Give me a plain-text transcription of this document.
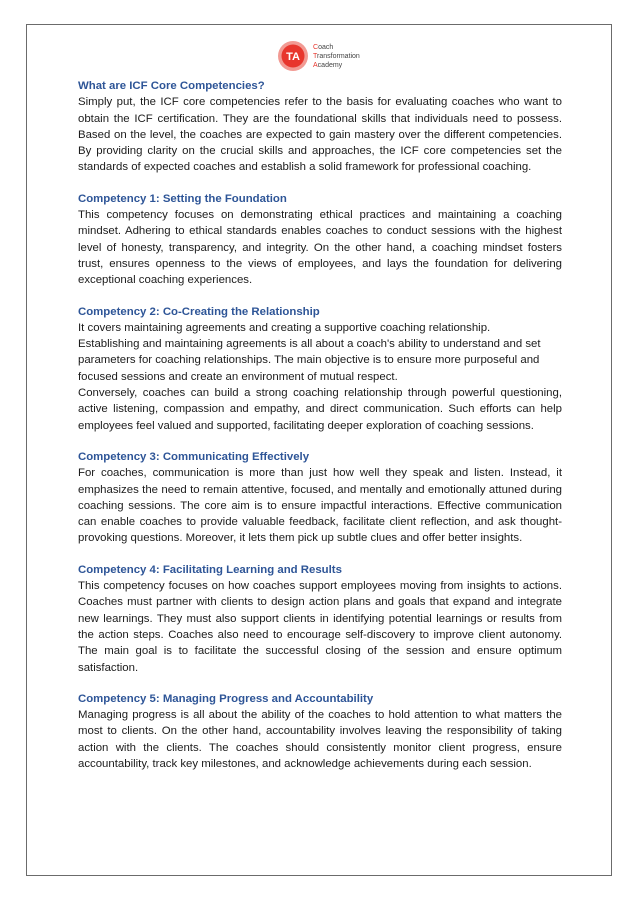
TA
Coach
Transformation
Academy

What are ICF Core Competencies?

Simply put, the ICF core competencies refer to the basis for evaluating coaches who want to obtain the ICF certification. They are the foundational skills that individuals need to possess. Based on the level, the coaches are expected to gain mastery over the different competencies. By providing clarity on the crucial skills and approaches, the ICF core competencies set the standards of expected coaches and establish a solid framework for professional coaching.

Competency 1: Setting the Foundation

This competency focuses on demonstrating ethical practices and maintaining a coaching mindset. Adhering to ethical standards enables coaches to conduct sessions with the highest level of honesty, transparency, and integrity. On the other hand, a coaching mindset fosters trust, ensures openness to the views of employees, and lays the foundation for delivering exceptional coaching experiences.

Competency 2: Co-Creating the Relationship

It covers maintaining agreements and creating a supportive coaching relationship.

Establishing and maintaining agreements is all about a coach's ability to understand and set parameters for coaching relationships. The main objective is to ensure more purposeful and focused sessions and create an environment of mutual respect.

Conversely, coaches can build a strong coaching relationship through powerful questioning, active listening, compassion and empathy, and direct communication. Such efforts can help employees feel valued and supported, facilitating deeper exploration of coaching sessions.

Competency 3: Communicating Effectively

For coaches, communication is more than just how well they speak and listen. Instead, it emphasizes the need to remain attentive, focused, and mentally and emotionally attuned during coaching sessions. The core aim is to ensure impactful interactions. Effective communication can enable coaches to provide valuable feedback, facilitate client reflection, and ask thought-provoking questions. Moreover, it lets them pick up subtle clues and offer better insights.

Competency 4: Facilitating Learning and Results

This competency focuses on how coaches support employees moving from insights to actions. Coaches must partner with clients to design action plans and goals that expand and integrate new learnings. They must also support clients in identifying potential learnings or results from the action steps. Coaches also need to encourage self-discovery to improve client autonomy. The main goal is to facilitate the successful closing of the session and ensure optimum satisfaction.

Competency 5: Managing Progress and Accountability

Managing progress is all about the ability of the coaches to hold attention to what matters the most to clients. On the other hand, accountability involves leaving the responsibility of taking action with the clients. The coaches should consistently monitor client progress, ensure accountability, track key milestones, and acknowledge achievements during each session.
